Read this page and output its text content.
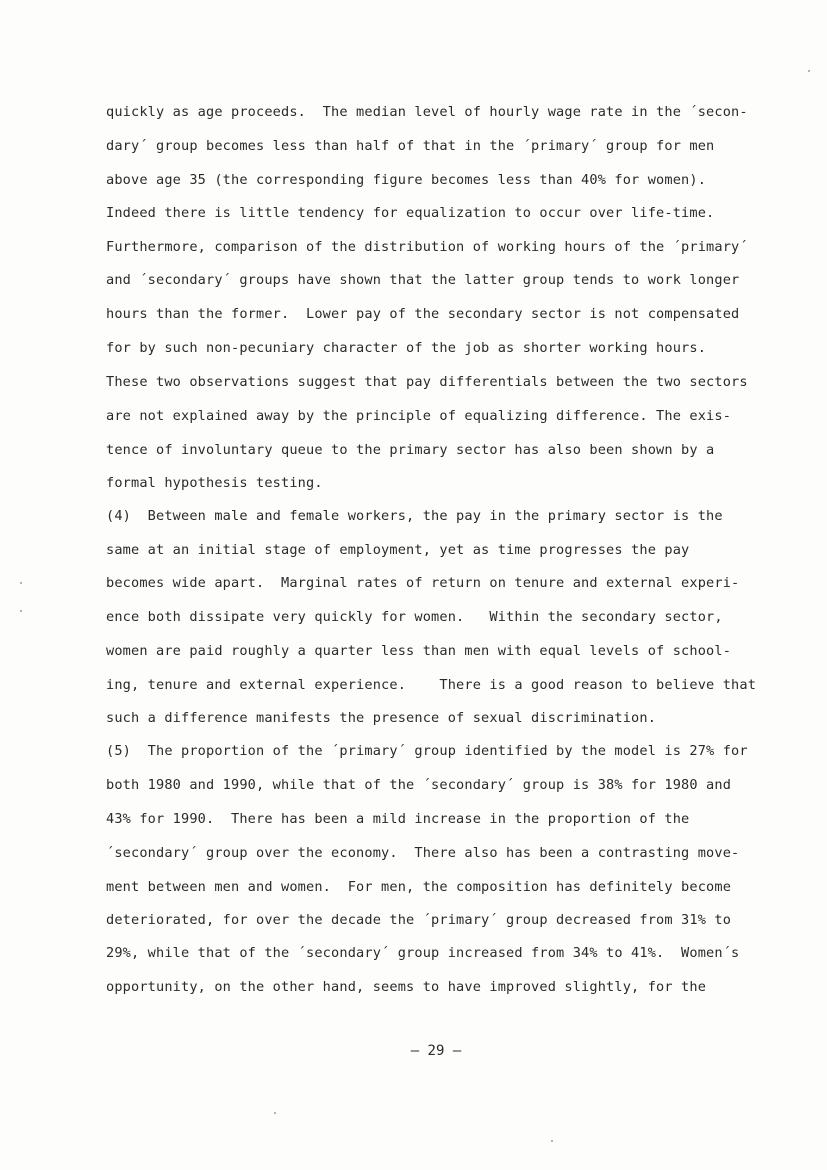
quickly as age proceeds.  The median level of hourly wage rate in the ´secon-
dary´ group becomes less than half of that in the ´primary´ group for men
above age 35 (the corresponding figure becomes less than 40% for women).
Indeed there is little tendency for equalization to occur over life-time.
Furthermore, comparison of the distribution of working hours of the ´primary´
and ´secondary´ groups have shown that the latter group tends to work longer
hours than the former.  Lower pay of the secondary sector is not compensated
for by such non-pecuniary character of the job as shorter working hours.
These two observations suggest that pay differentials between the two sectors
are not explained away by the principle of equalizing difference. The exis-
tence of involuntary queue to the primary sector has also been shown by a
formal hypothesis testing.
(4)  Between male and female workers, the pay in the primary sector is the
same at an initial stage of employment, yet as time progresses the pay
becomes wide apart.  Marginal rates of return on tenure and external experi-
ence both dissipate very quickly for women.   Within the secondary sector,
women are paid roughly a quarter less than men with equal levels of school-
ing, tenure and external experience.    There is a good reason to believe that
such a difference manifests the presence of sexual discrimination.
(5)  The proportion of the ´primary´ group identified by the model is 27% for
both 1980 and 1990, while that of the ´secondary´ group is 38% for 1980 and
43% for 1990.  There has been a mild increase in the proportion of the
´secondary´ group over the economy.  There also has been a contrasting move-
ment between men and women.  For men, the composition has definitely become
deteriorated, for over the decade the ´primary´ group decreased from 31% to
29%, while that of the ´secondary´ group increased from 34% to 41%.  Women´s
opportunity, on the other hand, seems to have improved slightly, for the
– 29 –
